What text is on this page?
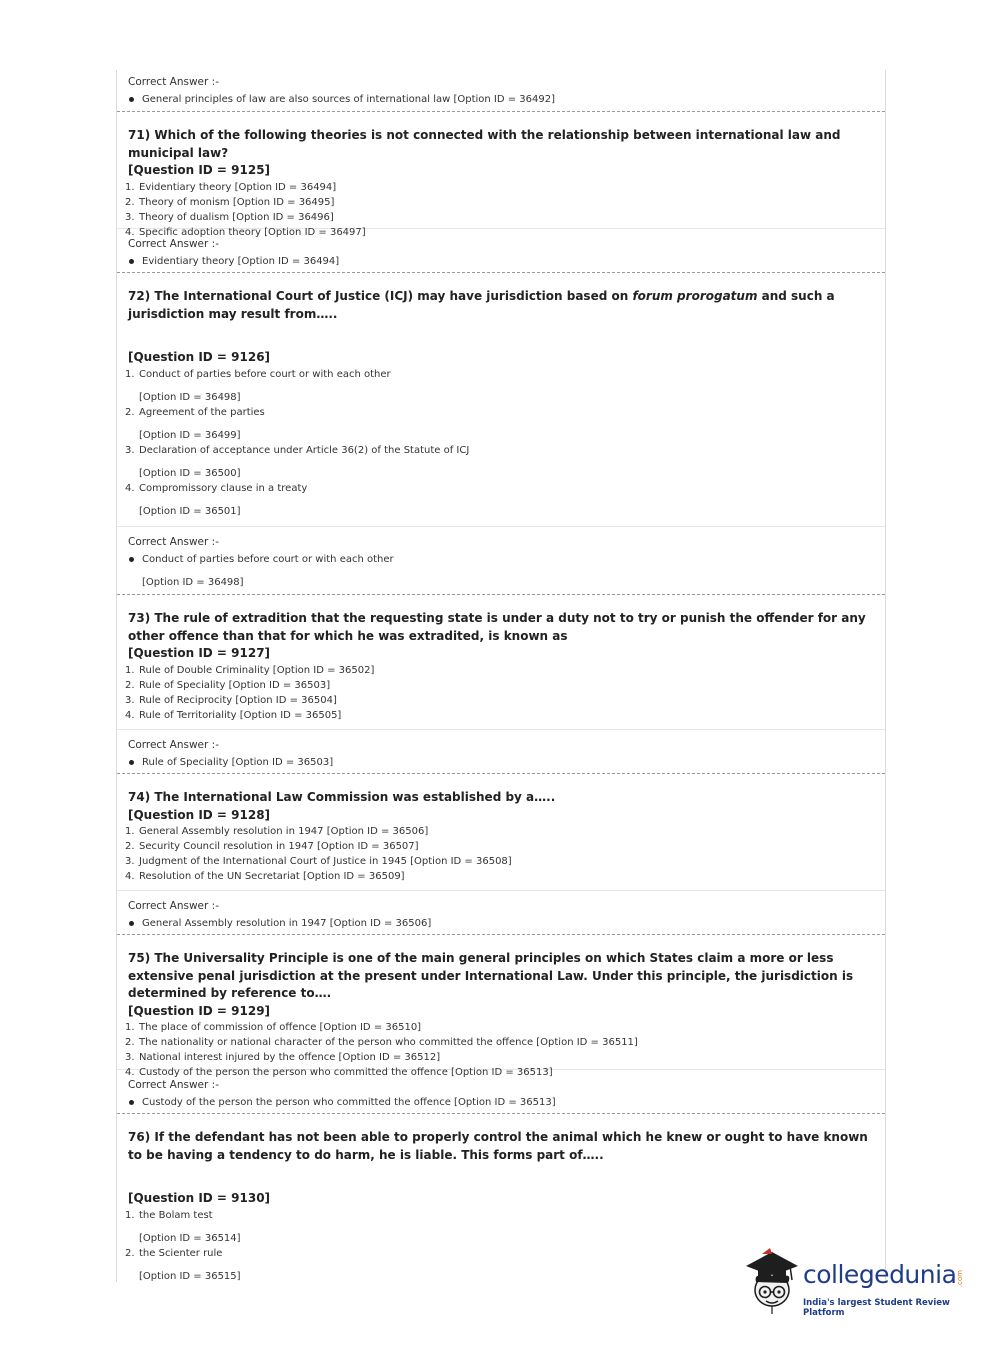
Correct Answer :-
General principles of law are also sources of international law [Option ID = 36492]
71) Which of the following theories is not connected with the relationship between international law and municipal law?
[Question ID = 9125]
1. Evidentiary theory [Option ID = 36494]
2. Theory of monism [Option ID = 36495]
3. Theory of dualism [Option ID = 36496]
4. Specific adoption theory [Option ID = 36497]
Correct Answer :-
Evidentiary theory [Option ID = 36494]
72) The International Court of Justice (ICJ) may have jurisdiction based on forum prorogatum and such a jurisdiction may result from…..
[Question ID = 9126]
1. Conduct of parties before court or with each other
[Option ID = 36498]
2. Agreement of the parties
[Option ID = 36499]
3. Declaration of acceptance under Article 36(2) of the Statute of ICJ
[Option ID = 36500]
4. Compromissory clause in a treaty
[Option ID = 36501]
Correct Answer :-
Conduct of parties before court or with each other
[Option ID = 36498]
73) The rule of extradition that the requesting state is under a duty not to try or punish the offender for any other offence than that for which he was extradited, is known as
[Question ID = 9127]
1. Rule of Double Criminality [Option ID = 36502]
2. Rule of Speciality [Option ID = 36503]
3. Rule of Reciprocity [Option ID = 36504]
4. Rule of Territoriality [Option ID = 36505]
Correct Answer :-
Rule of Speciality [Option ID = 36503]
74) The International Law Commission was established by a…..
[Question ID = 9128]
1. General Assembly resolution in 1947 [Option ID = 36506]
2. Security Council resolution in 1947 [Option ID = 36507]
3. Judgment of the International Court of Justice in 1945 [Option ID = 36508]
4. Resolution of the UN Secretariat [Option ID = 36509]
Correct Answer :-
General Assembly resolution in 1947 [Option ID = 36506]
75) The Universality Principle is one of the main general principles on which States claim a more or less extensive penal jurisdiction at the present under International Law. Under this principle, the jurisdiction is determined by reference to….
[Question ID = 9129]
1. The place of commission of offence [Option ID = 36510]
2. The nationality or national character of the person who committed the offence [Option ID = 36511]
3. National interest injured by the offence [Option ID = 36512]
4. Custody of the person the person who committed the offence [Option ID = 36513]
Correct Answer :-
Custody of the person the person who committed the offence [Option ID = 36513]
76) If the defendant has not been able to properly control the animal which he knew or ought to have known to be having a tendency to do harm, he is liable. This forms part of…..
[Question ID = 9130]
1. the Bolam test
[Option ID = 36514]
2. the Scienter rule
[Option ID = 36515]	collegedunia .com
India's largest Student Review Platform
